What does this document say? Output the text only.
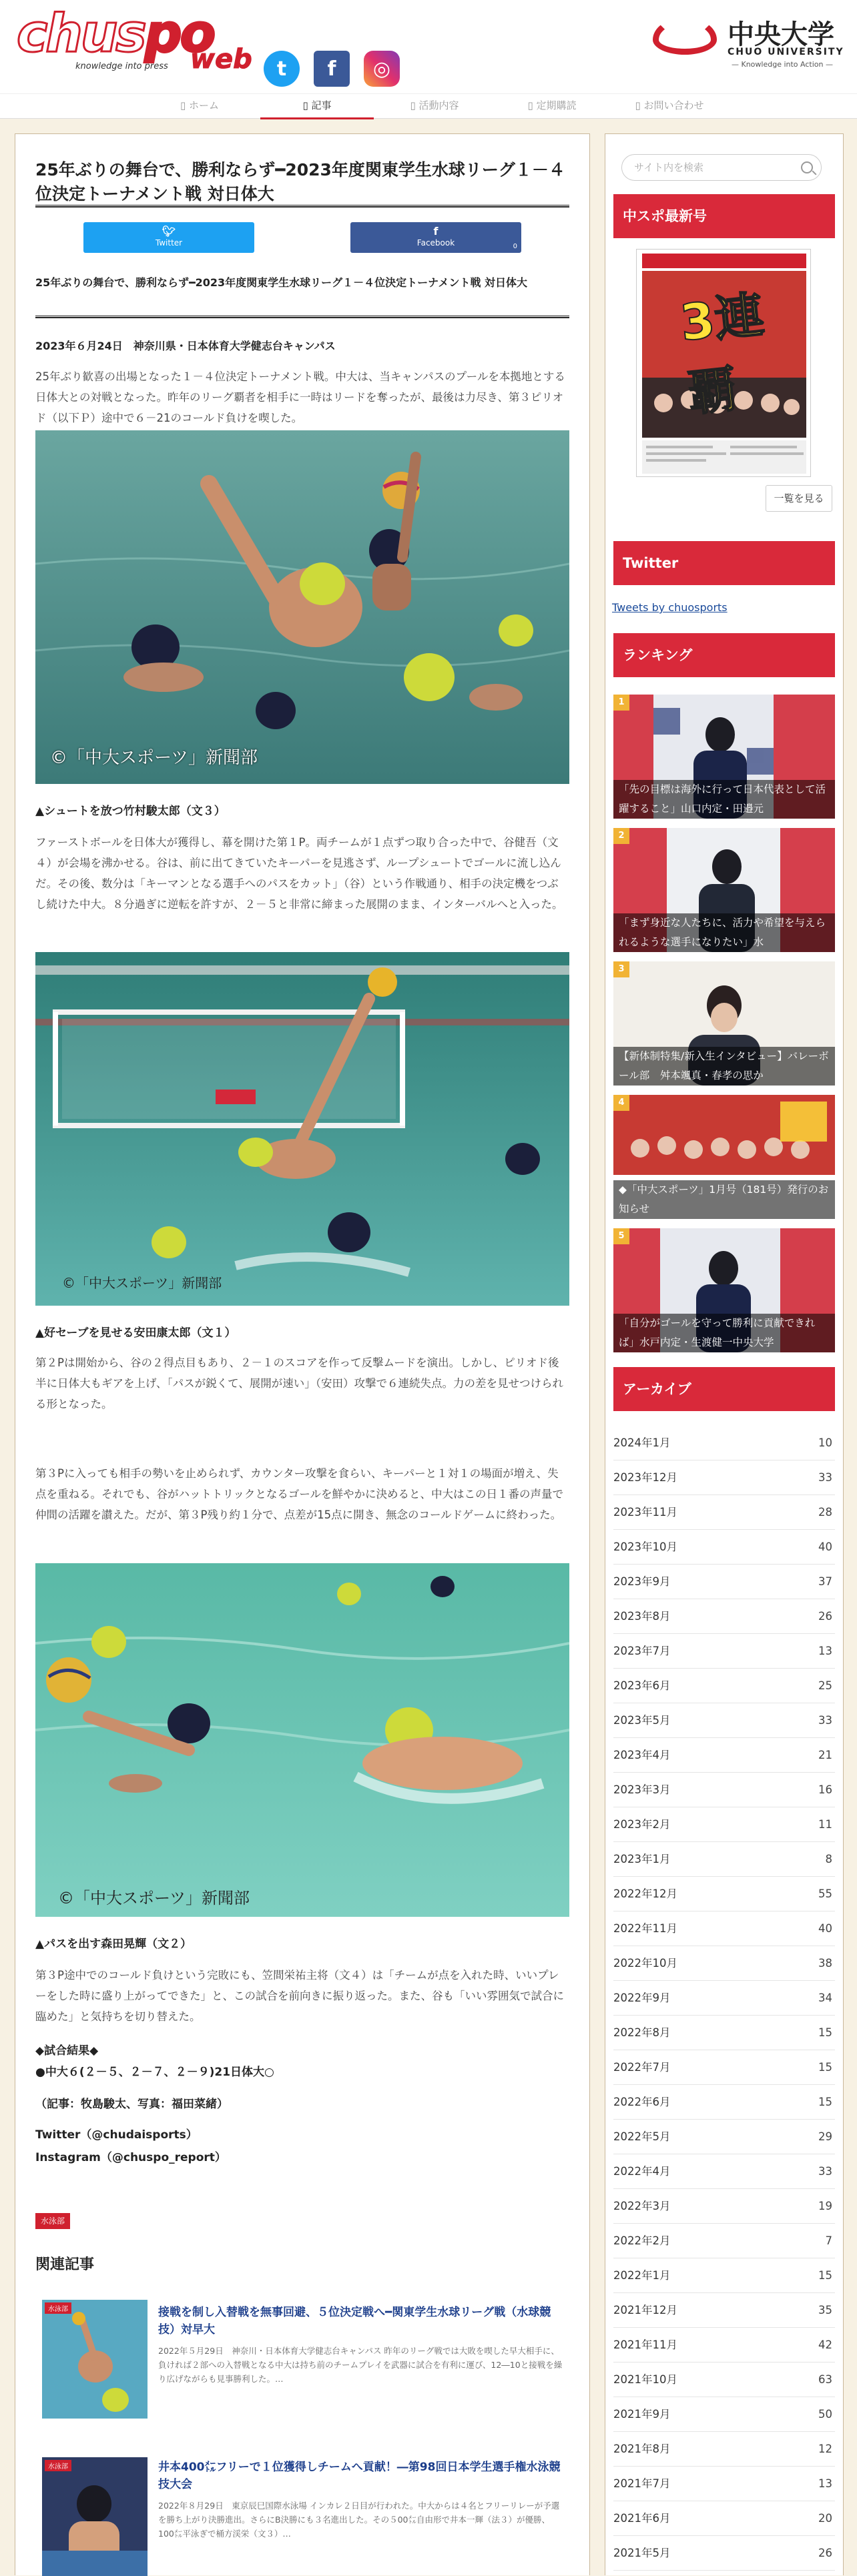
chuspo
web
knowledge into press	t	f	◎
中央大学
CHUO UNIVERSITY
— Knowledge into Action —
▯ ホーム	▯ 記事	▯ 活動内容	▯ 定期購読	▯ お問い合わせ
25年ぶりの舞台で、勝利ならず━2023年度関東学生水球リーグ１－４位決定トーナメント戦 対日体大
🐦︎
Twitter
f
Facebook	0
25年ぶりの舞台で、勝利ならず━2023年度関東学生水球リーグ１－４位決定トーナメント戦 対日体大
2023年６月24日　神奈川県・日本体育大学健志台キャンパス
25年ぶり歓喜の出場となった１－４位決定トーナメント戦。中大は、当キャンパスのプールを本拠地とする日体大との対戦となった。昨年のリーグ覇者を相手に一時はリードを奪ったが、最後は力尽き、第３ピリオド（以下Ｐ）途中で６－21のコールド負けを喫した。
©「中大スポーツ」新聞部
▲シュートを放つ竹村駿太郎（文３）
ファーストボールを日体大が獲得し、幕を開けた第１P。両チームが１点ずつ取り合った中で、谷健吾（文４）が会場を沸かせる。谷は、前に出てきていたキーパーを見逃さず、ループシュートでゴールに流し込んだ。その後、数分は「キーマンとなる選手へのパスをカット」（谷）という作戦通り、相手の決定機をつぶし続けた中大。８分過ぎに逆転を許すが、２－５と非常に締まった展開のまま、インターバルへと入った。
©「中大スポーツ」新聞部
▲好セーブを見せる安田康太郎（文１）
第２Pは開始から、谷の２得点目もあり、２－１のスコアを作って反撃ムードを演出。しかし、ピリオド後半に日体大もギアを上げ、「パスが鋭くて、展開が速い」（安田）攻撃で６連続失点。力の差を見せつけられる形となった。
第３Pに入っても相手の勢いを止められず、カウンター攻撃を食らい、キーパーと１対１の場面が増え、失点を重ねる。それでも、谷がハットトリックとなるゴールを鮮やかに決めると、中大はこの日１番の声量で仲間の活躍を讃えた。だが、第３P残り約１分で、点差が15点に開き、無念のコールドゲームに終わった。
©「中大スポーツ」新聞部
▲パスを出す森田晃輝（文２）
第３P途中でのコールド負けという完敗にも、笠間栄祐主将（文４）は「チームが点を入れた時、いいプレーをした時に盛り上がってできた」と、この試合を前向きに振り返った。また、谷も「いい雰囲気で試合に臨めた」と気持ちを切り替えた。
◆試合結果◆
●中大６(２－５、２－７、２－９)21日体大○
（記事：牧島駿太、写真：福田菜緒）
Twitter（@chudaisports）
Instagram（@chuspo_report）
水泳部
関連記事
水泳部	接戦を制し入替戦を無事回避、５位決定戦へ━関東学生水球リーグ戦（水球競技）対早大
2022年５月29日　神奈川・日本体育大学健志台キャンパス 昨年のリーグ戦では大敗を喫した早大相手に、負ければ２部への入替戦となる中大は持ち前のチームプレイを武器に試合を有利に運び、12―10と接戦を繰り広げながらも見事勝利した。…
水泳部	井本400㍍フリーで１位獲得しチームへ貢献！―第98回日本学生選手権水泳競技大会
2022年８月29日　東京辰巳国際水泳場 インカレ２日目が行われた。中大からは４名とフリーリレーが予選を勝ち上がり決勝進出。さらにB決勝にも３名進出した。その５00㍍自由形で井本一輝（法３）が優勝、100㍍平泳ぎで桶方渓栄（文３）…
サイト内を検索
中スポ最新号
3連覇
一覧を見る
Twitter
Tweets by chuosports
ランキング
1
「先の目標は海外に行って日本代表として活躍すること」山口内定・田邉元
2
「まず身近な人たちに、活力や希望を与えられるような選手になりたい」水
3
【新体制特集/新入生インタビュー】バレーボール部　舛本颯真・春孝の思か
4
◆「中大スポーツ」1月号（181号）発行のお知らせ
5
「自分がゴールを守って勝利に貢献できれば」水戸内定・生渡健一中央大学
アーカイブ
2024年1月	10
2023年12月	33
2023年11月	28
2023年10月	40
2023年9月	37
2023年8月	26
2023年7月	13
2023年6月	25
2023年5月	33
2023年4月	21
2023年3月	16
2023年2月	11
2023年1月	8
2022年12月	55
2022年11月	40
2022年10月	38
2022年9月	34
2022年8月	15
2022年7月	15
2022年6月	15
2022年5月	29
2022年4月	33
2022年3月	19
2022年2月	7
2022年1月	15
2021年12月	35
2021年11月	42
2021年10月	63
2021年9月	50
2021年8月	12
2021年7月	13
2021年6月	20
2021年5月	26
